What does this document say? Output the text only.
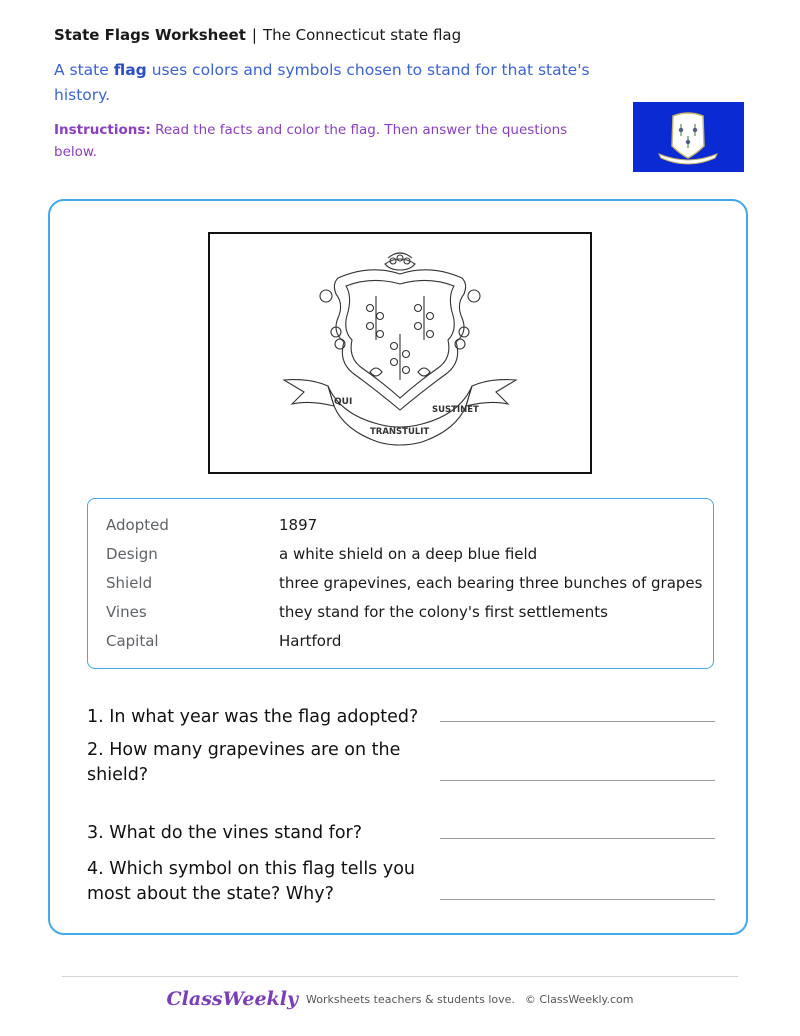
State Flags Worksheet | The Connecticut state flag
A state flag uses colors and symbols chosen to stand for that state's history.
Instructions: Read the facts and color the flag. Then answer the questions below.
QUI
TRANSTULIT
SUSTINET
Adopted	1897
Design	a white shield on a deep blue field
Shield	three grapevines, each bearing three bunches of grapes
Vines	they stand for the colony's first settlements
Capital	Hartford
1. In what year was the flag adopted?
2. How many grapevines are on the shield?
3. What do the vines stand for?
4. Which symbol on this flag tells you most about the state? Why?
ClassWeekly Worksheets teachers & students love. © ClassWeekly.com
